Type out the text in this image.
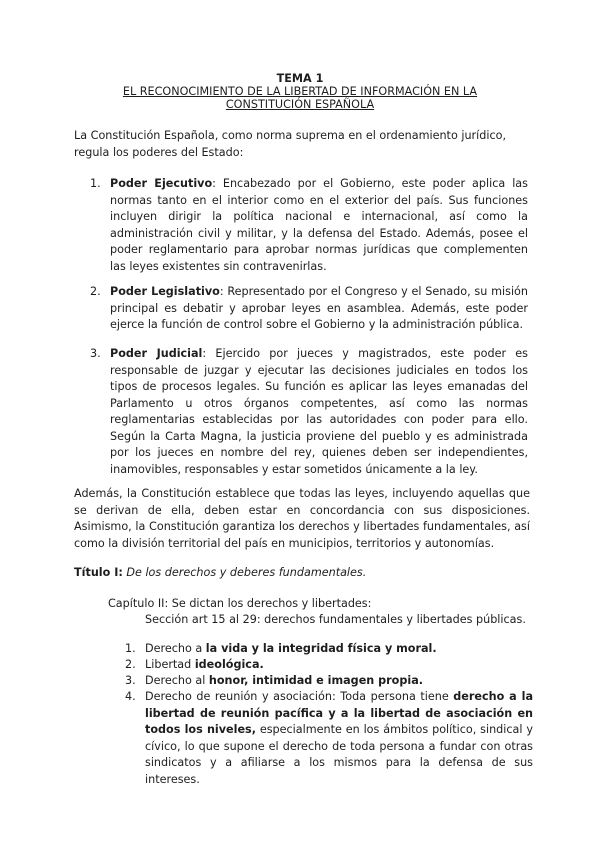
TEMA 1
EL RECONOCIMIENTO DE LA LIBERTAD DE INFORMACIÓN EN LA
CONSTITUCIÓN ESPAÑOLA

La Constitución Española, como norma suprema en el ordenamiento jurídico, regula los poderes del Estado:

1. Poder Ejecutivo: Encabezado por el Gobierno, este poder aplica las normas tanto en el interior como en el exterior del país. Sus funciones incluyen dirigir la política nacional e internacional, así como la administración civil y militar, y la defensa del Estado. Además, posee el poder reglamentario para aprobar normas jurídicas que complementen las leyes existentes sin contravenirlas.
2. Poder Legislativo: Representado por el Congreso y el Senado, su misión principal es debatir y aprobar leyes en asamblea. Además, este poder ejerce la función de control sobre el Gobierno y la administración pública.
3. Poder Judicial: Ejercido por jueces y magistrados, este poder es responsable de juzgar y ejecutar las decisiones judiciales en todos los tipos de procesos legales. Su función es aplicar las leyes emanadas del Parlamento u otros órganos competentes, así como las normas reglamentarias establecidas por las autoridades con poder para ello. Según la Carta Magna, la justicia proviene del pueblo y es administrada por los jueces en nombre del rey, quienes deben ser independientes, inamovibles, responsables y estar sometidos únicamente a la ley.

Además, la Constitución establece que todas las leyes, incluyendo aquellas que se derivan de ella, deben estar en concordancia con sus disposiciones. Asimismo, la Constitución garantiza los derechos y libertades fundamentales, así como la división territorial del país en municipios, territorios y autonomías.

Título I: De los derechos y deberes fundamentales.

Capítulo II: Se dictan los derechos y libertades:

Sección art 15 al 29: derechos fundamentales y libertades públicas.

1. Derecho a la vida y la integridad física y moral.
2. Libertad ideológica.
3. Derecho al honor, intimidad e imagen propia.
4. Derecho de reunión y asociación: Toda persona tiene derecho a la libertad de reunión pacífica y a la libertad de asociación en todos los niveles, especialmente en los ámbitos político, sindical y cívico, lo que supone el derecho de toda persona a fundar con otras sindicatos y a afiliarse a los mismos para la defensa de sus intereses.
